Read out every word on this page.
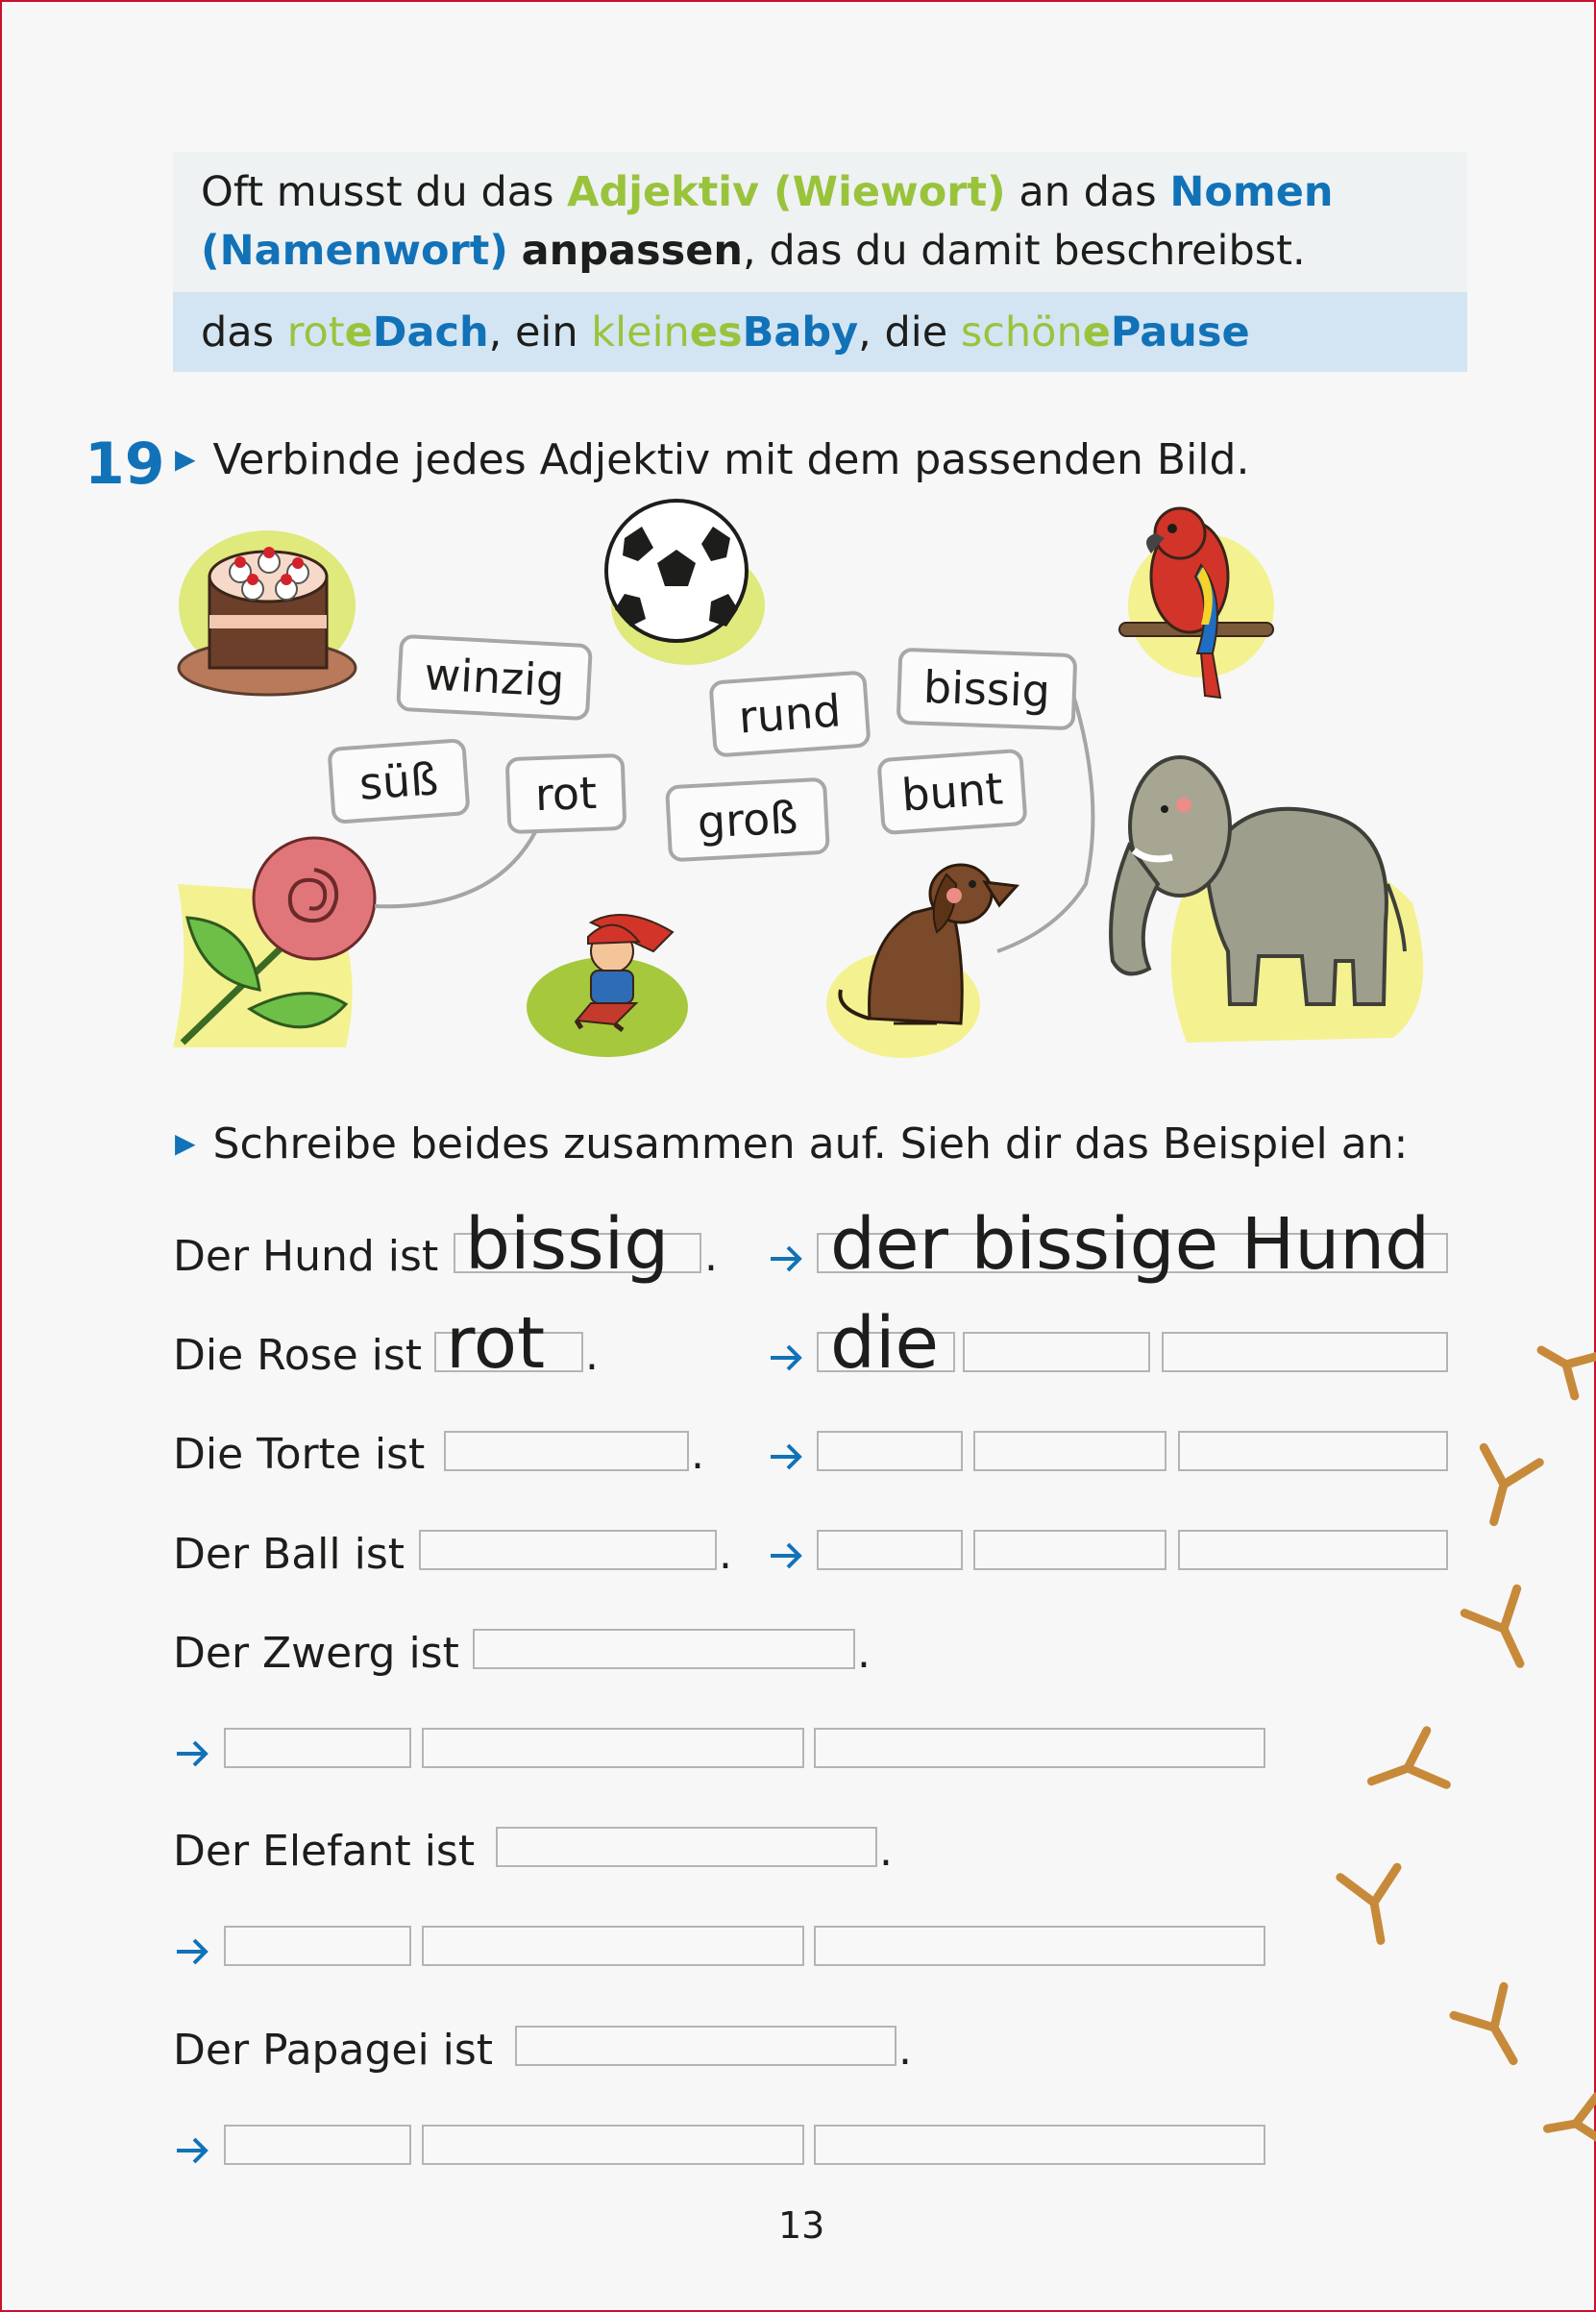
Oft musst du das Adjektiv (Wiewort) an das Nomen (Namenwort) anpassen, das du damit beschreibst.
das roteDach, ein kleinesBaby, die schönePause
19 ▶ Verbinde jedes Adjektiv mit dem passenden Bild.
winzig
süß	rot
rund
groß
bissig
bunt
▶ Schreibe beides zusammen auf. Sieh dir das Beispiel an:
Der Hund ist bissig . der bissige Hund
Die Rose ist rot .	die
Die Torte ist	.
Der Ball ist	.
Der Zwerg ist	.
Der Elefant ist	.
Der Papagei ist	.
13
